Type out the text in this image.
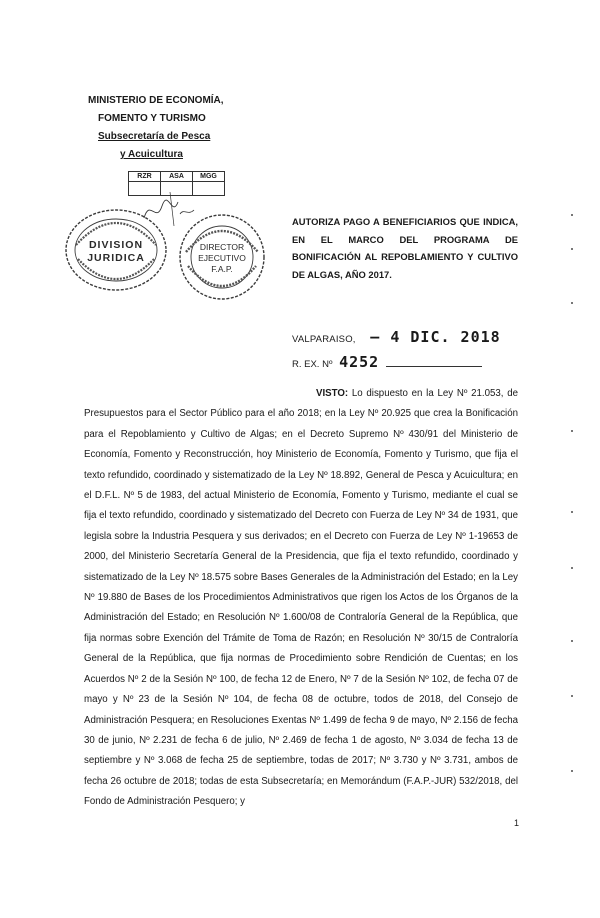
MINISTERIO DE ECONOMÍA,
FOMENTO Y TURISMO
Subsecretaría de Pesca
y Acuicultura
RZR	ASA	MGG

DIVISION
JURIDICA
DIRECTOR
EJECUTIVO
F.A.P.
AUTORIZA PAGO A BENEFICIARIOS QUE INDICA, EN EL MARCO DEL PROGRAMA DE BONIFICACIÓN AL REPOBLAMIENTO Y CULTIVO DE ALGAS, AÑO 2017.
VALPARAISO, – 4 DIC. 2018
R. EX. Nº 4252
VISTO: Lo dispuesto en la Ley Nº 21.053, de Presupuestos para el Sector Público para el año 2018; en la Ley Nº 20.925 que crea la Bonificación para el Repoblamiento y Cultivo de Algas; en el Decreto Supremo Nº 430/91 del Ministerio de Economía, Fomento y Reconstrucción, hoy Ministerio de Economía, Fomento y Turismo, que fija el texto refundido, coordinado y sistematizado de la Ley Nº 18.892, General de Pesca y Acuicultura; en el D.F.L. Nº 5 de 1983, del actual Ministerio de Economía, Fomento y Turismo, mediante el cual se fija el texto refundido, coordinado y sistematizado del Decreto con Fuerza de Ley Nº 34 de 1931, que legisla sobre la Industria Pesquera y sus derivados; en el Decreto con Fuerza de Ley Nº 1-19653 de 2000, del Ministerio Secretaría General de la Presidencia, que fija el texto refundido, coordinado y sistematizado de la Ley Nº 18.575 sobre Bases Generales de la Administración del Estado; en la Ley Nº 19.880 de Bases de los Procedimientos Administrativos que rigen los Actos de los Órganos de la Administración del Estado; en Resolución Nº 1.600/08 de Contraloría General de la República, que fija normas sobre Exención del Trámite de Toma de Razón; en Resolución Nº 30/15 de Contraloría General de la República, que fija normas de Procedimiento sobre Rendición de Cuentas; en los Acuerdos Nº 2 de la Sesión Nº 100, de fecha 12 de Enero, Nº 7 de la Sesión Nº 102, de fecha 07 de mayo y Nº 23 de la Sesión Nº 104, de fecha 08 de octubre, todos de 2018, del Consejo de Administración Pesquera; en Resoluciones Exentas Nº 1.499 de fecha 9 de mayo, Nº 2.156 de fecha 30 de junio, Nº 2.231 de fecha 6 de julio, Nº 2.469 de fecha 1 de agosto, Nº 3.034 de fecha 13 de septiembre y Nº 3.068 de fecha 25 de septiembre, todas de 2017; Nº 3.730 y Nº 3.731, ambos de fecha 26 octubre de 2018; todas de esta Subsecretaría; en Memorándum (F.A.P.-JUR) 532/2018, del Fondo de Administración Pesquero; y
1
